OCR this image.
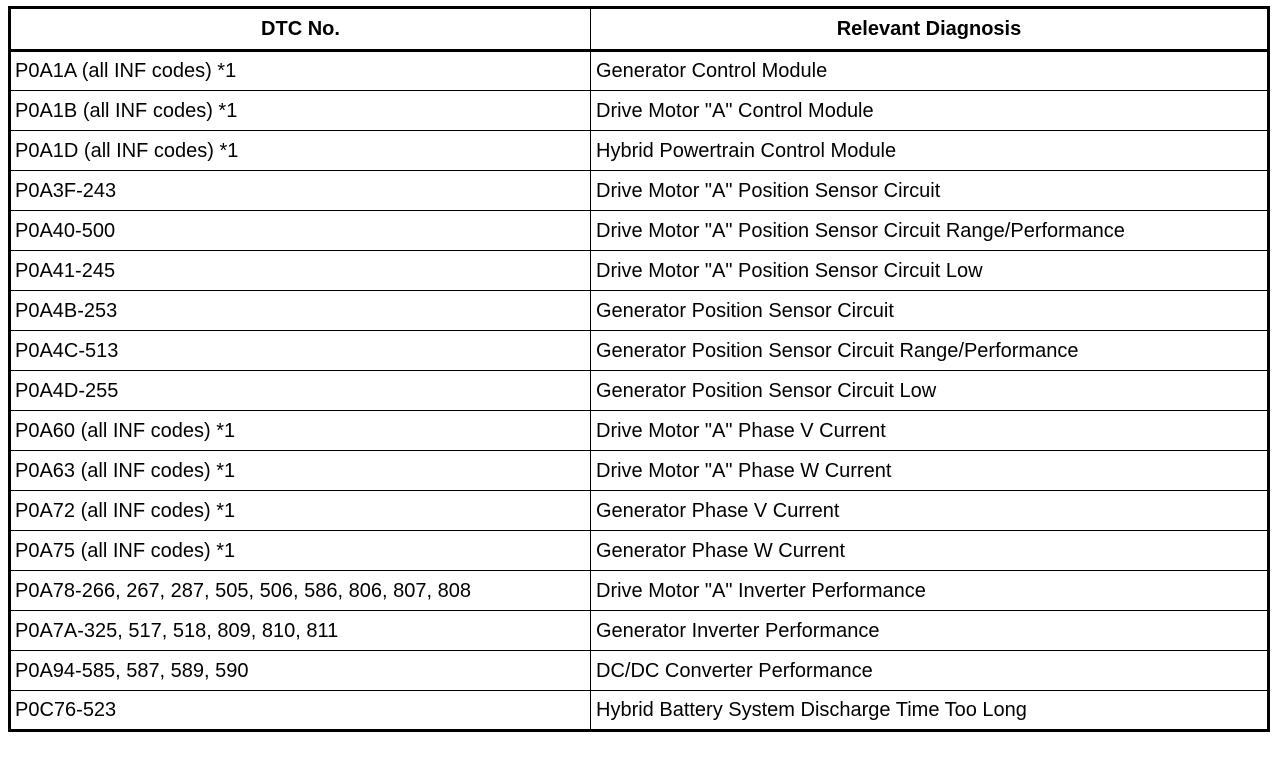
DTC No.	Relevant Diagnosis
P0A1A (all INF codes) *1	Generator Control Module
P0A1B (all INF codes) *1	Drive Motor "A" Control Module
P0A1D (all INF codes) *1	Hybrid Powertrain Control Module
P0A3F-243	Drive Motor "A" Position Sensor Circuit
P0A40-500	Drive Motor "A" Position Sensor Circuit Range/Performance
P0A41-245	Drive Motor "A" Position Sensor Circuit Low
P0A4B-253	Generator Position Sensor Circuit
P0A4C-513	Generator Position Sensor Circuit Range/Performance
P0A4D-255	Generator Position Sensor Circuit Low
P0A60 (all INF codes) *1	Drive Motor "A" Phase V Current
P0A63 (all INF codes) *1	Drive Motor "A" Phase W Current
P0A72 (all INF codes) *1	Generator Phase V Current
P0A75 (all INF codes) *1	Generator Phase W Current
P0A78-266, 267, 287, 505, 506, 586, 806, 807, 808	Drive Motor "A" Inverter Performance
P0A7A-325, 517, 518, 809, 810, 811	Generator Inverter Performance
P0A94-585, 587, 589, 590	DC/DC Converter Performance
P0C76-523	Hybrid Battery System Discharge Time Too Long
